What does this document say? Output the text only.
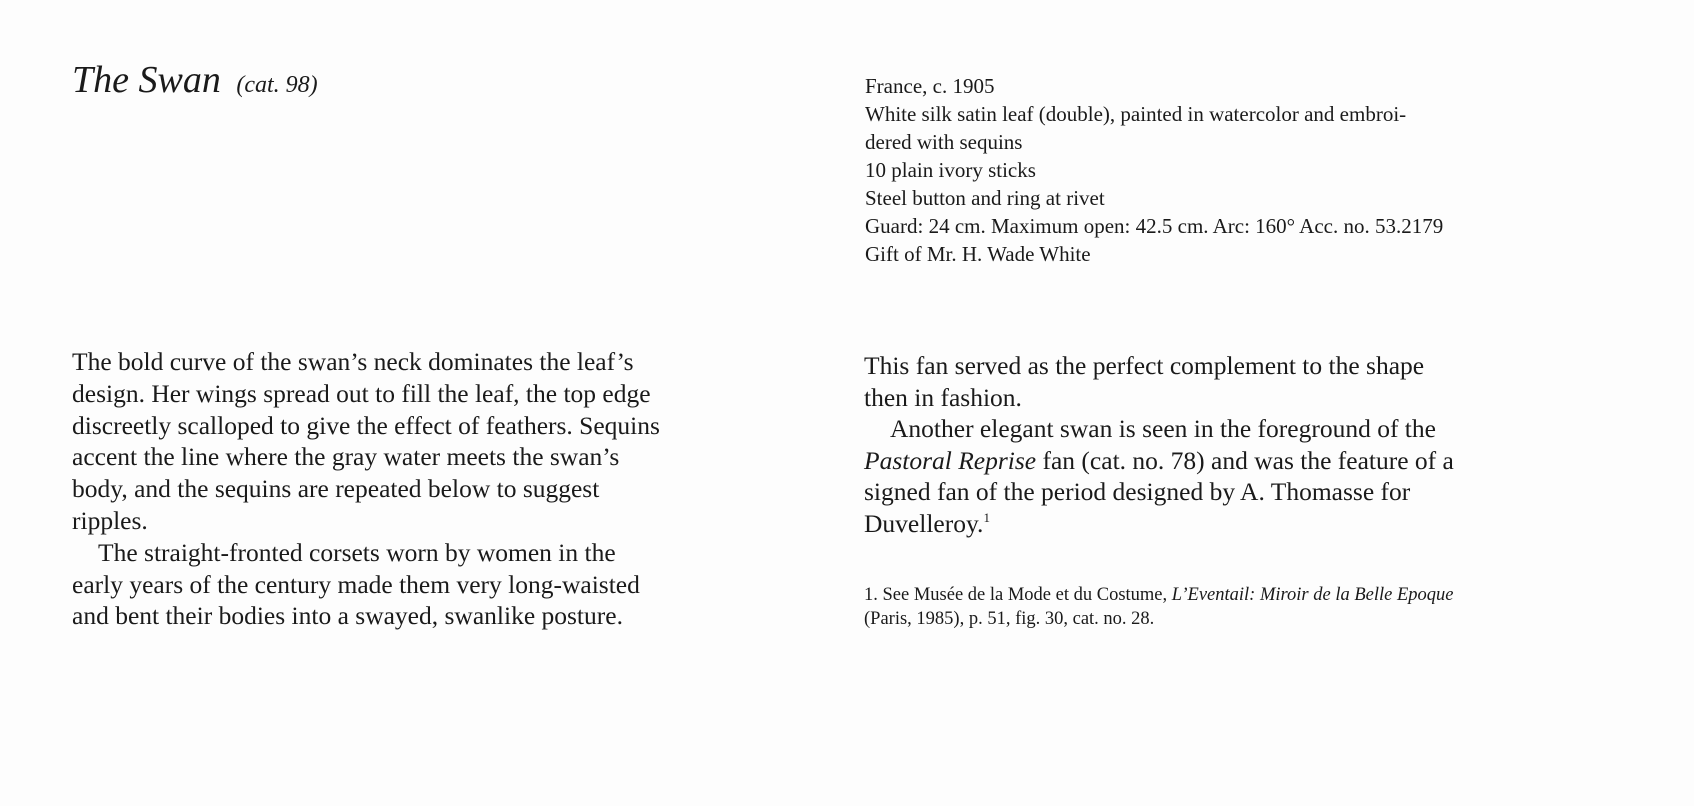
The Swan (cat. 98)	France, c. 1905
White silk satin leaf (double), painted in watercolor and embroi-
dered with sequins
10 plain ivory sticks
Steel button and ring at rivet
Guard: 24 cm. Maximum open: 42.5 cm. Arc: 160° Acc. no. 53.2179
Gift of Mr. H. Wade White
The bold curve of the swan’s neck dominates the leaf’s
design. Her wings spread out to fill the leaf, the top edge
discreetly scalloped to give the effect of feathers. Sequins
accent the line where the gray water meets the swan’s
body, and the sequins are repeated below to suggest
ripples.
The straight-fronted corsets worn by women in the
early years of the century made them very long-waisted
and bent their bodies into a swayed, swanlike posture.
This fan served as the perfect complement to the shape
then in fashion.
Another elegant swan is seen in the foreground of the
Pastoral Reprise fan (cat. no. 78) and was the feature of a
signed fan of the period designed by A. Thomasse for
Duvelleroy.$^1$
1. See Musée de la Mode et du Costume, L’Eventail: Miroir de la Belle Epoque
(Paris, 1985), p. 51, fig. 30, cat. no. 28.
